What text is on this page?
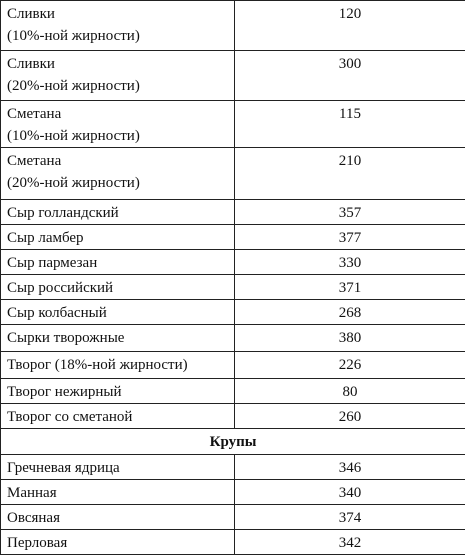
Сливки
(10%-ной жирности)	120

Сливки
(20%-ной жирности)	300

Сметана
(10%-ной жирности)	115

Сметана
(20%-ной жирности)	210
Сыр голландский	357
Сыр ламбер	377
Сыр пармезан	330
Сыр российский	371
Сыр колбасный	268
Сырки творожные	380
Творог (18%-ной жирности)	226
Творог нежирный	80
Творог со сметаной	260
Крупы	
Гречневая ядрица	346
Манная	340
Овсяная	374
Перловая	342
